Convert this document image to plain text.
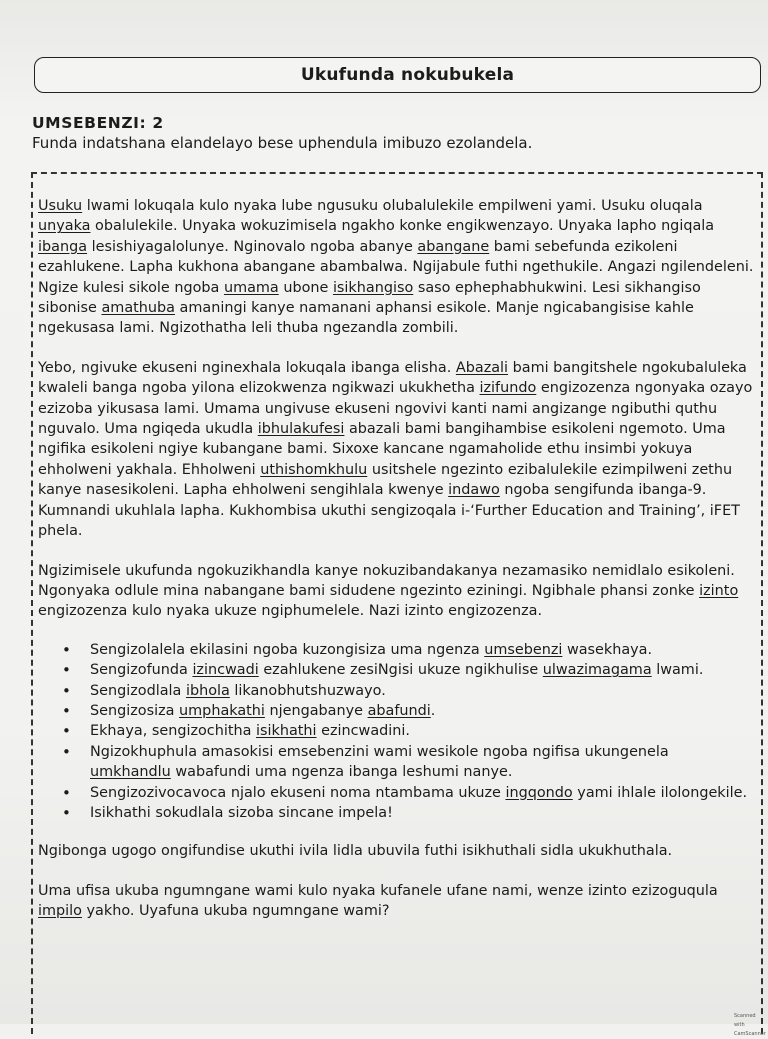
Ukufunda nokubukela
UMSEBENZI: 2
Funda indatshana elandelayo bese uphendula imibuzo ezolandela.

Usuku lwami lokuqala kulo nyaka lube ngusuku olubalulekile empilweni yami. Usuku oluqala unyaka obalulekile. Unyaka wokuzimisela ngakho konke engikwenzayo. Unyaka lapho ngiqala ibanga lesishiyagalolunye. Nginovalo ngoba abanye abangane bami sebefunda ezikoleni ezahlukene. Lapha kukhona abangane abambalwa. Ngijabule futhi ngethukile. Angazi ngilendeleni. Ngize kulesi sikole ngoba umama ubone isikhangiso saso ephephabhukwini. Lesi sikhangiso sibonise amathuba amaningi kanye namanani aphansi esikole. Manje ngicabangisise kahle ngekusasa lami. Ngizothatha leli thuba ngezandla zombili.

Yebo, ngivuke ekuseni nginexhala lokuqala ibanga elisha. Abazali bami bangitshele ngokubaluleka kwaleli banga ngoba yilona elizokwenza ngikwazi ukukhetha izifundo engizozenza ngonyaka ozayo ezizoba yikusasa lami. Umama ungivuse ekuseni ngovivi kanti nami angizange ngibuthi quthu nguvalo. Uma ngiqeda ukudla ibhulakufesi abazali bami bangihambise esikoleni ngemoto. Uma ngifika esikoleni ngiye kubangane bami. Sixoxe kancane ngamaholide ethu insimbi yokuya ehholweni yakhala. Ehholweni uthishomkhulu usitshele ngezinto ezibalulekile ezimpilweni zethu kanye nasesikoleni. Lapha ehholweni sengihlala kwenye indawo ngoba sengifunda ibanga-9. Kumnandi ukuhlala lapha. Kukhombisa ukuthi sengizoqala i-‘Further Education and Training’, iFET phela.

Ngizimisele ukufunda ngokuzikhandla kanye nokuzibandakanya nezamasiko nemidlalo esikoleni. Ngonyaka odlule mina nabangane bami sidudene ngezinto eziningi. Ngibhale phansi zonke izinto engizozenza kulo nyaka ukuze ngiphumelele. Nazi izinto engizozenza.

• Sengizolalela ekilasini ngoba kuzongisiza uma ngenza umsebenzi wasekhaya.
• Sengizofunda izincwadi ezahlukene zesiNgisi ukuze ngikhulise ulwazimagama lwami.
• Sengizodlala ibhola likanobhutshuzwayo.
• Sengizosiza umphakathi njengabanye abafundi.
• Ekhaya, sengizochitha isikhathi ezincwadini.
• Ngizokhuphula amasokisi emsebenzini wami wesikole ngoba ngifisa ukungenela umkhandlu wabafundi uma ngenza ibanga leshumi nanye.
• Sengizozivocavoca njalo ekuseni noma ntambama ukuze ingqondo yami ihlale ilolongekile.
• Isikhathi sokudlala sizoba sincane impela!

Ngibonga ugogo ongifundise ukuthi ivila lidla ubuvila futhi isikhuthali sidla ukukhuthala.

Uma ufisa ukuba ngumngane wami kulo nyaka kufanele ufane nami, wenze izinto ezizoguqula impilo yakho. Uyafuna ukuba ngumngane wami?

Scanned with CamScanner
